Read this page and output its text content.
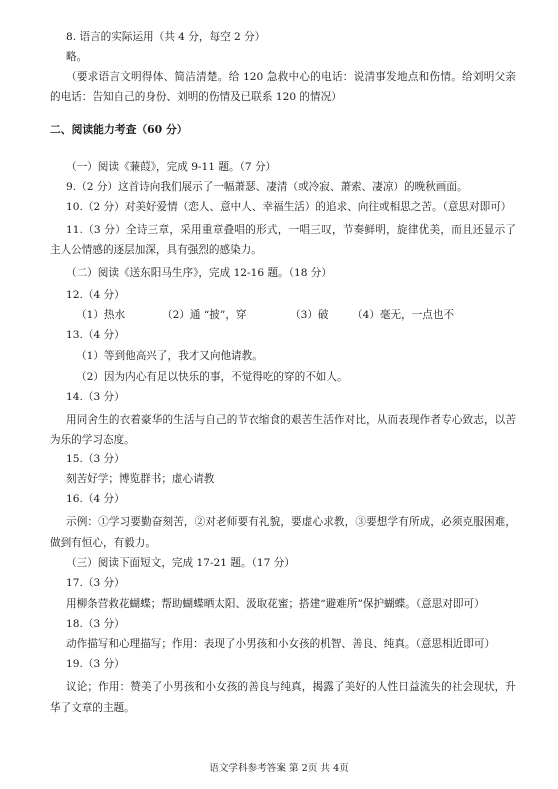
8. 语言的实际运用（共 4 分，每空 2 分）
略。
（要求语言文明得体、简洁清楚。给 120 急救中心的电话：说清事发地点和伤情。给刘明父亲的电话：告知自己的身份、刘明的伤情及已联系 120 的情况）
二、阅读能力考查（60 分）
（一）阅读《蒹葭》，完成 9-11 题。（7 分）
9.（2 分）这首诗向我们展示了一幅萧瑟、凄清（或冷寂、萧索、凄凉）的晚秋画面。
10.（2 分）对美好爱情（恋人、意中人、幸福生活）的追求、向往或相思之苦。（意思对即可）
11.（3 分）全诗三章，采用重章叠唱的形式，一唱三叹，节奏鲜明，旋律优美，而且还显示了主人公情感的逐层加深，具有强烈的感染力。
（二）阅读《送东阳马生序》，完成 12-16 题。（18 分）
12.（4 分）
（1）热水	（2）通 “披”，穿	（3）破 （4）毫无，一点也不
13.（4 分）
（1）等到他高兴了，我才又向他请教。
（2）因为内心有足以快乐的事，不觉得吃的穿的不如人。
14.（3 分）
用同舍生的衣着豪华的生活与自己的节衣缩食的艰苦生活作对比，从而表现作者专心致志，以苦为乐的学习态度。
15.（3 分）
刻苦好学；博览群书；虚心请教
16.（4 分）
示例：①学习要勤奋刻苦，②对老师要有礼貌，要虚心求教，③要想学有所成，必须克服困难，做到有恒心，有毅力。
（三）阅读下面短文，完成 17-21 题。（17 分）
17.（3 分）
用柳条营救花蝴蝶；帮助蝴蝶晒太阳、汲取花蜜；搭建“避难所”保护蝴蝶。（意思对即可）
18.（3 分）
动作描写和心理描写；作用：表现了小男孩和小女孩的机智、善良、纯真。（意思相近即可）
19.（3 分）
议论；作用：赞美了小男孩和小女孩的善良与纯真，揭露了美好的人性日益流失的社会现状，升华了文章的主题。
语文学科参考答案 第 2页 共 4页
